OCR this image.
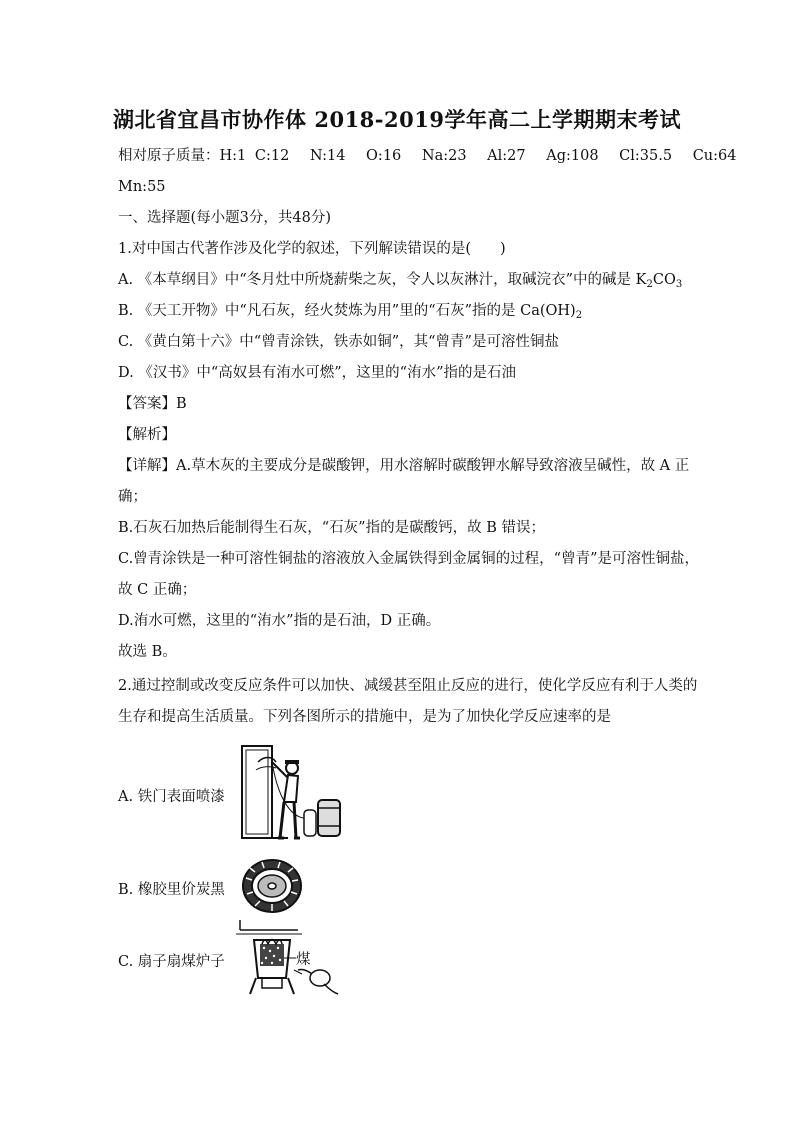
湖北省宜昌市协作体 2018-2019学年高二上学期期末考试
相对原子质量：H:1 C:12 N:14 O:16 Na:23 Al:27 Ag:108 Cl:35.5 Cu:64
Mn:55
一、选择题(每小题3分，共48分)
1.对中国古代著作涉及化学的叙述，下列解读错误的是(　　)
A. 《本草纲目》中“冬月灶中所烧薪柴之灰，令人以灰淋汁，取碱浣衣”中的碱是 $K_2CO_3$
B. 《天工开物》中“凡石灰，经火焚炼为用”里的“石灰”指的是 $Ca(OH)_2$
C. 《黄白第十六》中“曾青涂铁，铁赤如铜”，其“曾青”是可溶性铜盐
D. 《汉书》中“高奴县有洧水可燃”，这里的“洧水”指的是石油
【答案】B
【解析】
【详解】A.草木灰的主要成分是碳酸钾，用水溶解时碳酸钾水解导致溶液呈碱性，故 A 正
确；
B.石灰石加热后能制得生石灰，“石灰”指的是碳酸钙，故 B 错误；
C.曾青涂铁是一种可溶性铜盐的溶液放入金属铁得到金属铜的过程，“曾青”是可溶性铜盐，
故 C 正确；
D.洧水可燃，这里的“洧水”指的是石油，D 正确。
故选 B。
2.通过控制或改变反应条件可以加快、减缓甚至阻止反应的进行，使化学反应有利于人类的
生存和提高生活质量。下列各图所示的措施中，是为了加快化学反应速率的是
A. 铁门表面喷漆
B. 橡胶里价炭黑
C. 扇子扇煤炉子	煤
